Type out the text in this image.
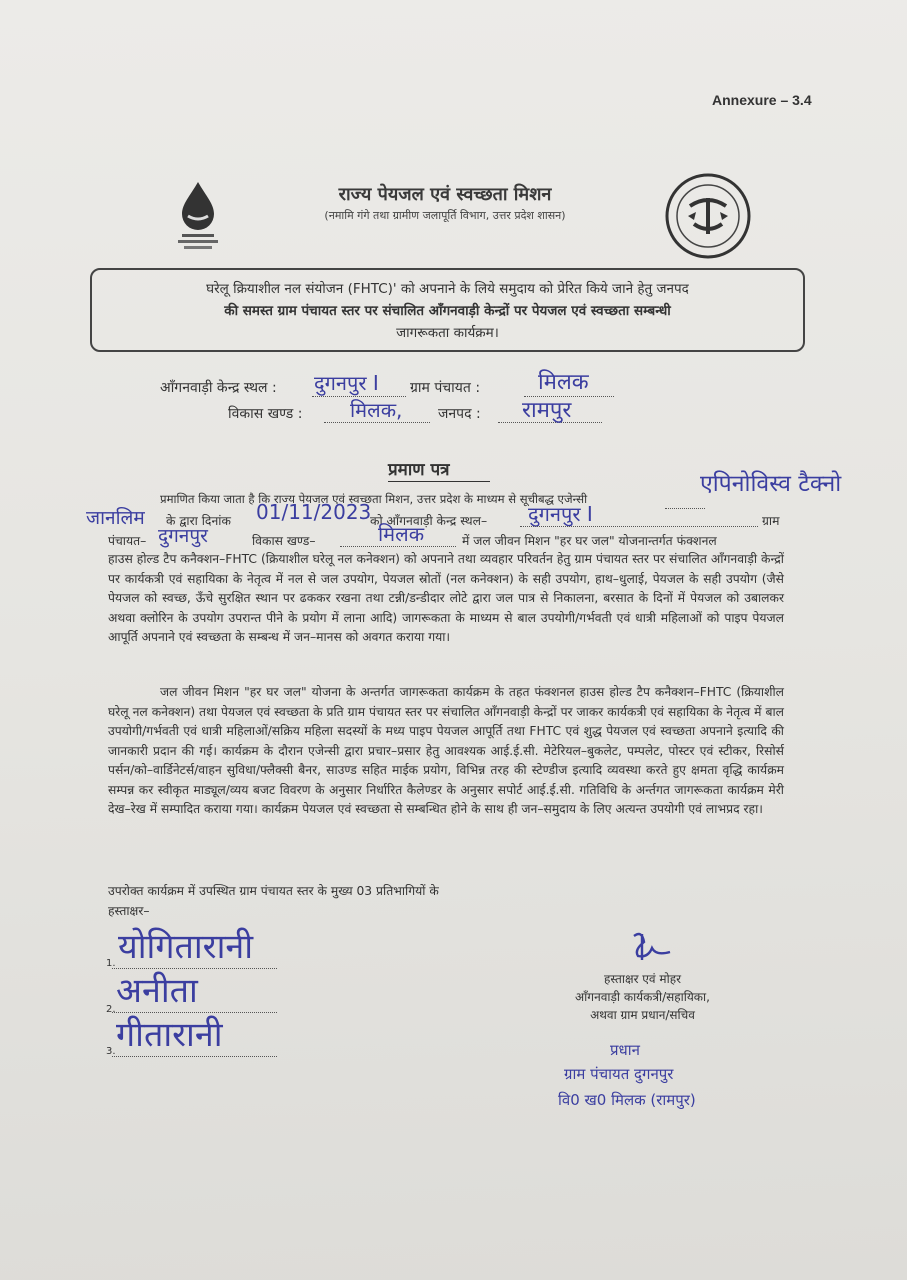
Annexure – 3.4
राज्य पेयजल एवं स्वच्छता मिशन
(नमामि गंगे तथा ग्रामीण जलापूर्ति विभाग, उत्तर प्रदेश शासन)
घरेलू क्रियाशील नल संयोजन (FHTC)' को अपनाने के लिये समुदाय को प्रेरित किये जाने हेतु जनपद
की समस्त ग्राम पंचायत स्तर पर संचालित आँगनवाड़ी केन्द्रों पर पेयजल एवं स्वच्छता सम्बन्धी
जागरूकता कार्यक्रम।
आँगनवाड़ी केन्द्र स्थल : दुगनपुर I ग्राम पंचायत :	मिलक
विकास खण्ड : मिलक,	जनपद : रामपुर
प्रमाण पत्र
प्रमाणित किया जाता है कि राज्य पेयजल एवं स्वच्छता मिशन, उत्तर प्रदेश के माध्यम से सूचीबद्ध एजेन्सी
एपिनोविस्व टैक्नो
जानलिम के द्वारा दिनांक 01/11/2023
को आँगनवाड़ी केन्द्र स्थल– दुगनपुर I	ग्राम
पंचायत– दुगनपुर	विकास खण्ड–	मिलक	में जल जीवन मिशन "हर घर जल" योजनान्तर्गत फंक्शनल
हाउस होल्ड टैप कनैक्शन–FHTC (क्रियाशील घरेलू नल कनेक्शन) को अपनाने तथा व्यवहार परिवर्तन हेतु ग्राम पंचायत स्तर पर संचालित आँगनवाड़ी केन्द्रों पर कार्यकत्री एवं सहायिका के नेतृत्व में नल से जल उपयोग, पेयजल स्रोतों (नल कनेक्शन) के सही उपयोग, हाथ–धुलाई, पेयजल के सही उपयोग (जैसे पेयजल को स्वच्छ, ऊँचे सुरक्षित स्थान पर ढककर रखना तथा टन्नी/डन्डीदार लोटे द्वारा जल पात्र से निकालना, बरसात के दिनों में पेयजल को उबालकर अथवा क्लोरिन के उपयोग उपरान्त पीने के प्रयोग में लाना आदि) जागरूकता के माध्यम से बाल उपयोगी/गर्भवती एवं धात्री महिलाओं को पाइप पेयजल आपूर्ति अपनाने एवं स्वच्छता के सम्बन्ध में जन–मानस को अवगत कराया गया।
जल जीवन मिशन "हर घर जल" योजना के अन्तर्गत जागरूकता कार्यक्रम के तहत फंक्शनल हाउस होल्ड टैप कनैक्शन–FHTC (क्रियाशील घरेलू नल कनेक्शन) तथा पेयजल एवं स्वच्छता के प्रति ग्राम पंचायत स्तर पर संचालित आँगनवाड़ी केन्द्रों पर जाकर कार्यकत्री एवं सहायिका के नेतृत्व में बाल उपयोगी/गर्भवती एवं धात्री महिलाओं/सक्रिय महिला सदस्यों के मध्य पाइप पेयजल आपूर्ति तथा FHTC एवं शुद्ध पेयजल एवं स्वच्छता अपनाने इत्यादि की जानकारी प्रदान की गई। कार्यक्रम के दौरान एजेन्सी द्वारा प्रचार–प्रसार हेतु आवश्यक आई.ई.सी. मेटेरियल–बुकलेट, पम्पलेट, पोस्टर एवं स्टीकर, रिसोर्स पर्सन/को–वार्डिनेटर्स/वाहन सुविधा/फ्लैक्सी बैनर, साउण्ड सहित माईक प्रयोग, विभिन्न तरह की स्टेण्डीज इत्यादि व्यवस्था करते हुए क्षमता वृद्धि कार्यक्रम सम्पन्न कर स्वीकृत माड्यूल/व्यय बजट विवरण के अनुसार निर्धारित कैलेण्डर के अनुसार सपोर्ट आई.ई.सी. गतिविधि के अर्न्तगत जागरूकता कार्यक्रम मेरी देख–रेख में सम्पादित कराया गया। कार्यक्रम पेयजल एवं स्वच्छता से सम्बन्धित होने के साथ ही जन–समुदाय के लिए अत्यन्त उपयोगी एवं लाभप्रद रहा।
उपरोक्त कार्यक्रम में उपस्थित ग्राम पंचायत स्तर के मुख्य 03 प्रतिभागियों के
हस्ताक्षर–
1. योगितारानी
2. अनीता
3. गीतारानी
हस्ताक्षर एवं मोहर
आँगनवाड़ी कार्यकत्री/सहायिका,
अथवा ग्राम प्रधान/सचिव
प्रधान
ग्राम पंचायत दुगनपुर
वि0 ख0 मिलक (रामपुर)
